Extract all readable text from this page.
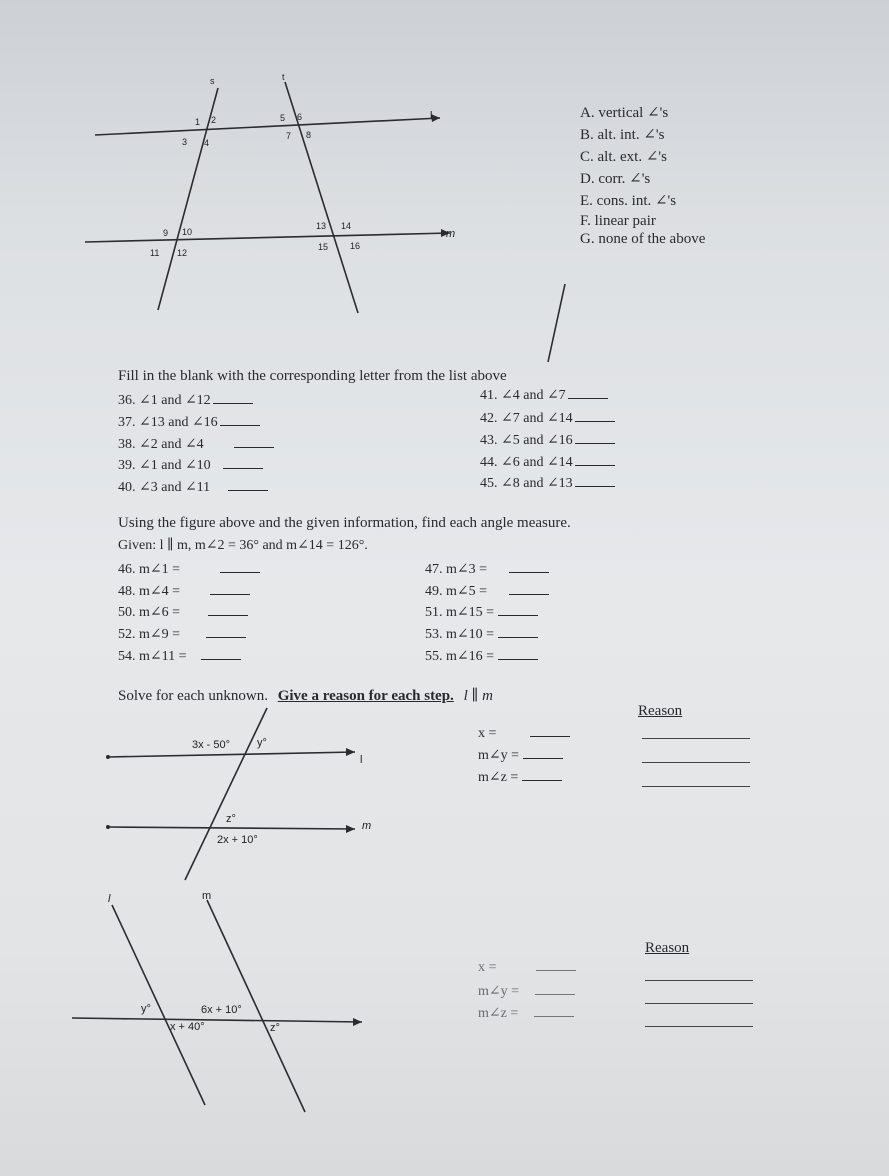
s	t
l
m
1 2
3 4
5 6
7 8
9 10
11 12
13 14
15 16
A. vertical ∠'s
B. alt. int. ∠'s
C. alt. ext. ∠'s
D. corr. ∠'s
E. cons. int. ∠'s
F. linear pair
G. none of the above
Fill in the blank with the corresponding letter from the list above
36. ∠1 and ∠12
37. ∠13 and ∠16
38. ∠2 and ∠4
39. ∠1 and ∠10
40. ∠3 and ∠11
41. ∠4 and ∠7
42. ∠7 and ∠14
43. ∠5 and ∠16
44. ∠6 and ∠14
45. ∠8 and ∠13
Using the figure above and the given information, find each angle measure.
Given: l ∥ m, m∠2 = 36° and m∠14 = 126°.
46. m∠1 =
48. m∠4 =
50. m∠6 =
52. m∠9 =
54. m∠11 =
47. m∠3 =
49. m∠5 =
51. m∠15 =
53. m∠10 =
55. m∠16 =
Solve for each unknown. Give a reason for each step. l ∥ m
3x - 50° y°
l
z°
2x + 10°
m
Reason
x =
m∠y =
m∠z =
l	m
y°	6x + 10°
x + 40°	z°
Reason
x =
m∠y =
m∠z =
